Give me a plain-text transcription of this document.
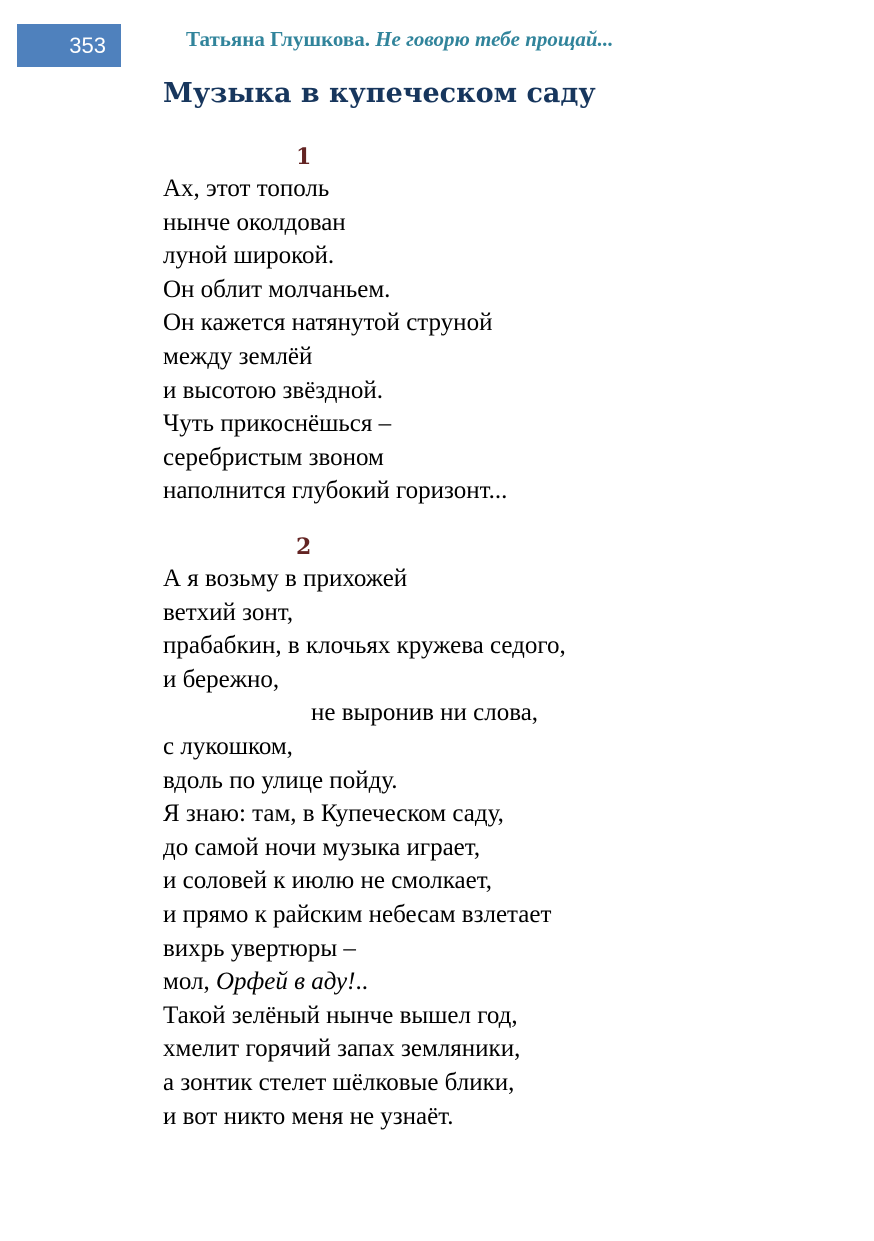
353	Татьяна Глушкова. Не говорю тебе прощай...
Музыка в купеческом саду
1
Ах, этот тополь
нынче околдован
луной широкой.
Он облит молчаньем.
Он кажется натянутой струной
между землёй
и высотою звёздной.
Чуть прикоснёшься –
серебристым звоном
наполнится глубокий горизонт...
2
А я возьму в прихожей
ветхий зонт,
прабабкин, в клочьях кружева седого,
и бережно,
не выронив ни слова,
с лукошком,
вдоль по улице пойду.
Я знаю: там, в Купеческом саду,
до самой ночи музыка играет,
и соловей к июлю не смолкает,
и прямо к райским небесам взлетает
вихрь увертюры –
мол, Орфей в аду!..
Такой зелёный нынче вышел год,
хмелит горячий запах земляники,
а зонтик стелет шёлковые блики,
и вот никто меня не узнаёт.
